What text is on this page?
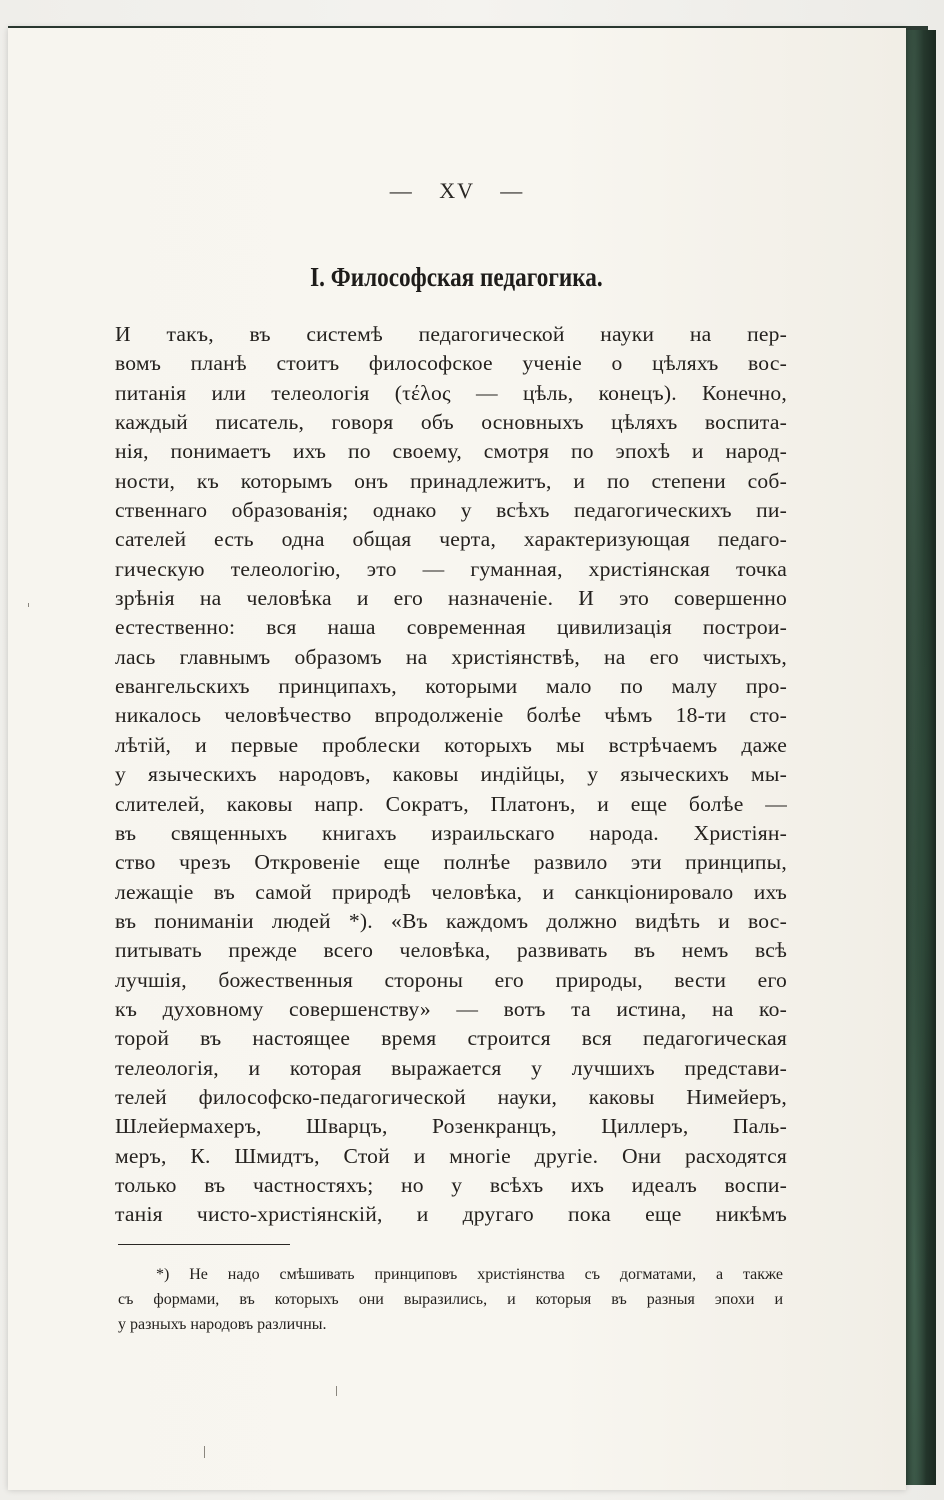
— XV —
I. Философская педагогика.
И такъ, въ системѣ педагогической науки на пер-
вомъ планѣ стоитъ философское ученіе о цѣляхъ вос-
питанія или телеологія (τέλος — цѣль, конецъ). Конечно,
каждый писатель, говоря объ основныхъ цѣляхъ воспита-
нія, понимаетъ ихъ по своему, смотря по эпохѣ и народ-
ности, къ которымъ онъ принадлежитъ, и по степени соб-
ственнаго образованія; однако у всѣхъ педагогическихъ пи-
сателей есть одна общая черта, характеризующая педаго-
гическую телеологію, это — гуманная, христіянская точка
зрѣнія на человѣка и его назначеніе. И это совершенно
естественно: вся наша современная цивилизація построи-
лась главнымъ образомъ на христіянствѣ, на его чистыхъ,
евангельскихъ принципахъ, которыми мало по малу про-
никалось человѣчество впродолженіе болѣе чѣмъ 18-ти сто-
лѣтій, и первые проблески которыхъ мы встрѣчаемъ даже
у языческихъ народовъ, каковы индійцы, у языческихъ мы-
слителей, каковы напр. Сократъ, Платонъ, и еще болѣе —
въ священныхъ книгахъ израильскаго народа. Христіян-
ство чрезъ Откровеніе еще полнѣе развило эти принципы,
лежащіе въ самой природѣ человѣка, и санкціонировало ихъ
въ пониманіи людей *). «Въ каждомъ должно видѣть и вос-
питывать прежде всего человѣка, развивать въ немъ всѣ
лучшія, божественныя стороны его природы, вести его
къ духовному совершенству» — вотъ та истина, на ко-
торой въ настоящее время строится вся педагогическая
телеологія, и которая выражается у лучшихъ представи-
телей философско-педагогической науки, каковы Нимейеръ,
Шлейермахеръ, Шварцъ, Розенкранцъ, Циллеръ, Паль-
меръ, К. Шмидтъ, Стой и многіе другіе. Они расходятся
только въ частностяхъ; но у всѣхъ ихъ идеалъ воспи-
танія чисто-христіянскій, и другаго пока еще никѣмъ
*) Не надо смѣшивать принциповъ христіянства съ догматами, а также
съ формами, въ которыхъ они выразились, и которыя въ разныя эпохи и
у разныхъ народовъ различны.
